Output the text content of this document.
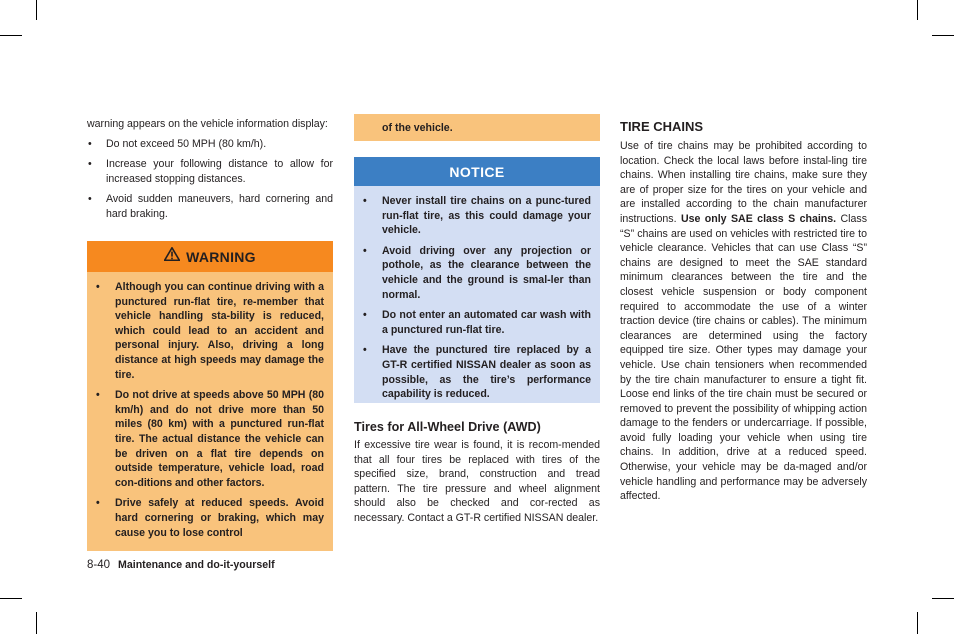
warning appears on the vehicle information display:

• Do not exceed 50 MPH (80 km/h).
• Increase your following distance to allow for increased stopping distances.
• Avoid sudden maneuvers, hard cornering and hard braking.
WARNING
• Although you can continue driving with a punctured run-flat tire, re-member that vehicle handling sta-bility is reduced, which could lead to an accident and personal injury. Also, driving a long distance at high speeds may damage the tire.
• Do not drive at speeds above 50 MPH (80 km/h) and do not drive more than 50 miles (80 km) with a punctured run-flat tire. The actual distance the vehicle can be driven on a flat tire depends on outside temperature, vehicle load, road con-ditions and other factors.
• Drive safely at reduced speeds. Avoid hard cornering or braking, which may cause you to lose control
of the vehicle.
NOTICE
• Never install tire chains on a punc-tured run-flat tire, as this could damage your vehicle.
• Avoid driving over any projection or pothole, as the clearance between the vehicle and the ground is smal-ler than normal.
• Do not enter an automated car wash with a punctured run-flat tire.
• Have the punctured tire replaced by a GT-R certified NISSAN dealer as soon as possible, as the tire’s performance capability is reduced.
Tires for All-Wheel Drive (AWD)

If excessive tire wear is found, it is recom-mended that all four tires be replaced with tires of the specified size, brand, construction and tread pattern. The tire pressure and wheel alignment should also be checked and cor-rected as necessary. Contact a GT-R certified NISSAN dealer.

TIRE CHAINS

Use of tire chains may be prohibited according to location. Check the local laws before instal-ling tire chains. When installing tire chains, make sure they are of proper size for the tires on your vehicle and are installed according to the chain manufacturer instructions. Use only SAE class S chains. Class “S” chains are used on vehicles with restricted tire to vehicle clearance. Vehicles that can use Class “S” chains are designed to meet the SAE standard minimum clearances between the tire and the closest vehicle suspension or body component required to accommodate the use of a winter traction device (tire chains or cables). The minimum clearances are determined using the factory equipped tire size. Other types may damage your vehicle. Use chain tensioners when recommended by the tire chain manufacturer to ensure a tight fit. Loose end links of the tire chain must be secured or removed to prevent the possibility of whipping action damage to the fenders or undercarriage. If possible, avoid fully loading your vehicle when using tire chains. In addition, drive at a reduced speed. Otherwise, your vehicle may be da-maged and/or vehicle handling and performance may be adversely affected.

8-40 Maintenance and do-it-yourself
